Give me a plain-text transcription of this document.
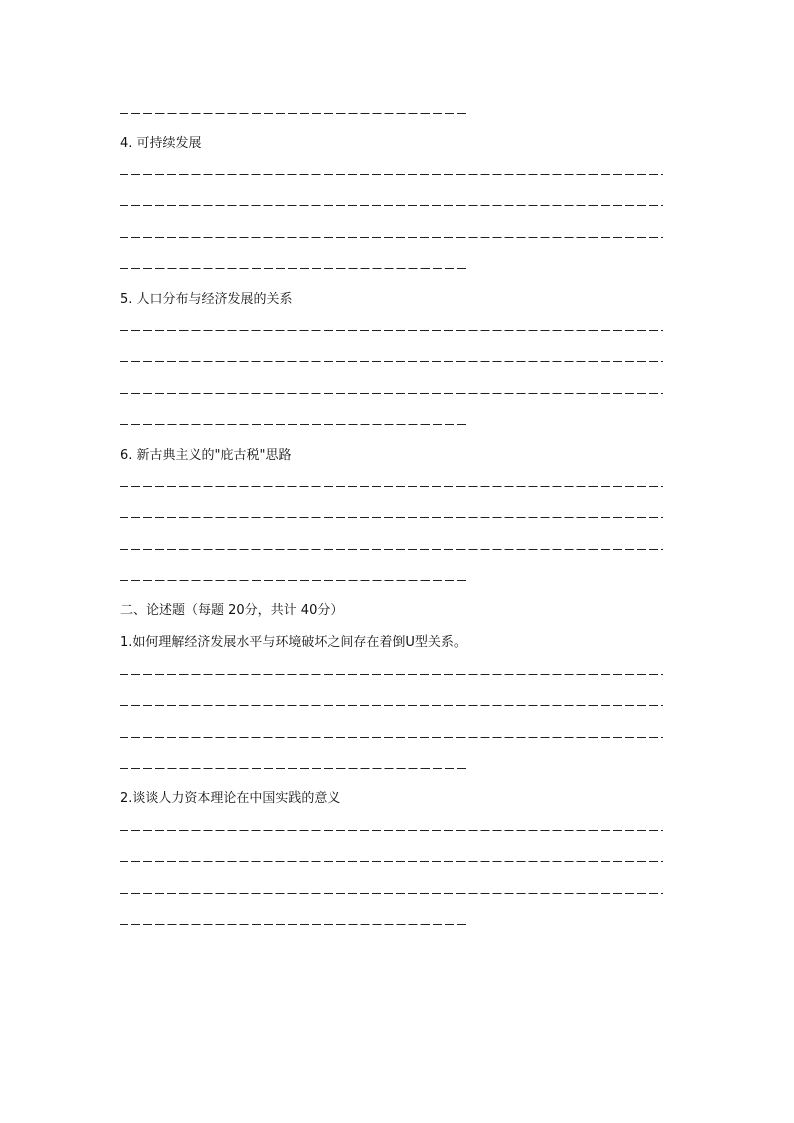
4. 可持续发展
5. 人口分布与经济发展的关系
6. 新古典主义的"庇古税"思路
二、论述题（每题 20分，共计 40分）
1.如何理解经济发展水平与环境破坏之间存在着倒U型关系。
2.谈谈人力资本理论在中国实践的意义
